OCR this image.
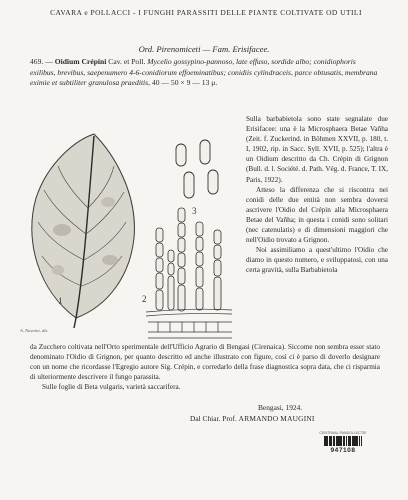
CAVARA e POLLACCI - I FUNGHI PARASSITI DELLE PIANTE COLTIVATE OD UTILI
Ord. Pirenomiceti — Fam. Erisifacee.
469. — Oidium Crépini Cav. et Poll. Mycelio gossypino-pannoso, late effuso, sordide albo; conidiophoris exilibus, brevibus, saepenumero 4-6-conidiorum effoeminatibus; conidiis cylindraceis, parce obtusatis, membrana eximie et subtiliter granulosa praeditis, 40 — 50 × 9 — 13 μ.
1	2
3
A. Navoini, dis.

Sulla barbabietola sono state segnalate due Erisifacee: una è la Microsphaera Betae Vañha (Zeit. f. Zuckerind. in Böhmen XXVII, p. 180, t. I, 1902, rip. in Sacc. Syll. XVII, p. 525); l'altra è un Oidium descritto da Ch. Crépin di Grignon (Bull. d. l. Société. d. Path. Vég. d. France, T. IX, Paris, 1922).

Atteso la differenza che si riscontra nei conidi delle due entità non sembra doversi ascrivere l'Oidio del Crépin alla Microsphaera Betae del Vañha; in questa i conidi sono solitari (nec catenulatis) e di dimensioni maggiori che nell'Oidio trovato a Grignon.

Noi assimiliamo a quest'ultimo l'Oidio che diamo in questo numero, e sviluppatosi, con una certa gravità, sulla Barbabietola

da Zucchero coltivata nell'Orto sperimentale dell'Ufficio Agrario di Bengasi (Cirenaica). Siccome non sembra esser stato denominato l'Oidio di Grignon, per quanto descritto ed anche illustrato con figure, così ci è parso di doverlo designare con un nome che ricordasse l'Egregio autore Sig. Crépin, e corredarlo della frase diagnostica sopra data, che ci risparmia di ulteriormente descrivere il fungo parassita.

Sulle foglie di Beta vulgaris, varietà saccarifera.

Bengasi, 1924.
Dal Chiar. Prof. ARMANDO MAUGINI
CENTRAAL PANDOLLECTIE
947108
